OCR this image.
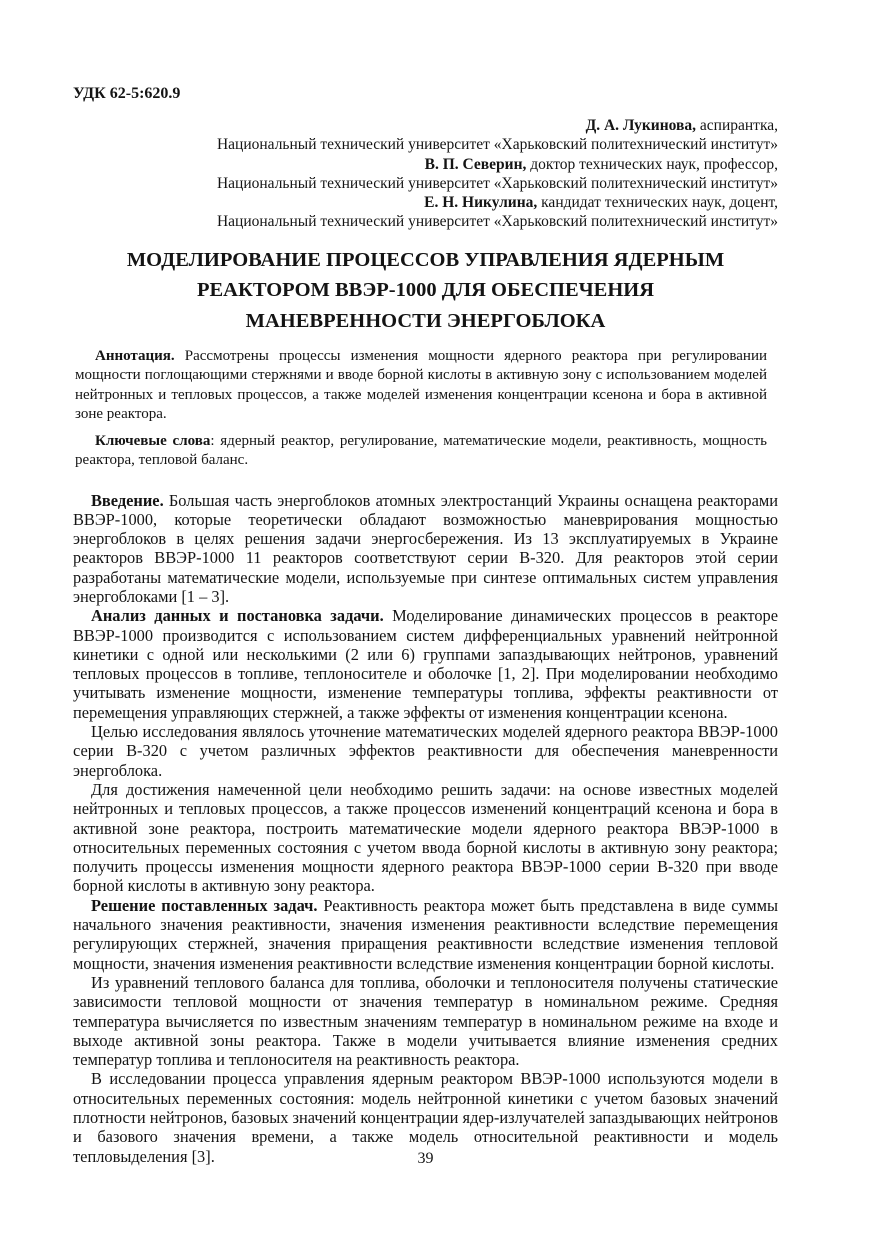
УДК 62-5:620.9
Д. А. Лукинова, аспирантка,
Национальный технический университет «Харьковский политехнический институт»
В. П. Северин, доктор технических наук, профессор,
Национальный технический университет «Харьковский политехнический институт»
Е. Н. Никулина, кандидат технических наук, доцент,
Национальный технический университет «Харьковский политехнический институт»
МОДЕЛИРОВАНИЕ ПРОЦЕССОВ УПРАВЛЕНИЯ ЯДЕРНЫМ
РЕАКТОРОМ ВВЭР-1000 ДЛЯ ОБЕСПЕЧЕНИЯ
МАНЕВРЕННОСТИ ЭНЕРГОБЛОКА

Аннотация. Рассмотрены процессы изменения мощности ядерного реактора при регулировании мощности поглощающими стержнями и вводе борной кислоты в активную зону с использованием моделей нейтронных и тепловых процессов, а также моделей изменения концентрации ксенона и бора в активной зоне реактора.

Ключевые слова: ядерный реактор, регулирование, математические модели, реактивность, мощность реактора, тепловой баланс.

Введение. Большая часть энергоблоков атомных электростанций Украины оснащена реакторами ВВЭР-1000, которые теоретически обладают возможностью маневрирования мощностью энергоблоков в целях решения задачи энергосбережения. Из 13 эксплуатируемых в Украине реакторов ВВЭР-1000 11 реакторов соответствуют серии В-320. Для реакторов этой серии разработаны математические модели, используемые при синтезе оптимальных систем управления энергоблоками [1 – 3].

Анализ данных и постановка задачи. Моделирование динамических процессов в реакторе ВВЭР-1000 производится с использованием систем дифференциальных уравнений нейтронной кинетики с одной или несколькими (2 или 6) группами запаздывающих нейтронов, уравнений тепловых процессов в топливе, теплоносителе и оболочке [1, 2]. При моделировании необходимо учитывать изменение мощности, изменение температуры топлива, эффекты реактивности от перемещения управляющих стержней, а также эффекты от изменения концентрации ксенона.

Целью исследования являлось уточнение математических моделей ядерного реактора ВВЭР-1000 серии В-320 с учетом различных эффектов реактивности для обеспечения маневренности энергоблока.

Для достижения намеченной цели необходимо решить задачи: на основе известных моделей нейтронных и тепловых процессов, а также процессов изменений концентраций ксенона и бора в активной зоне реактора, построить математические модели ядерного реактора ВВЭР-1000 в относительных переменных состояния с учетом ввода борной кислоты в активную зону реактора; получить процессы изменения мощности ядерного реактора ВВЭР-1000 серии В-320 при вводе борной кислоты в активную зону реактора.

Решение поставленных задач. Реактивность реактора может быть представлена в виде суммы начального значения реактивности, значения изменения реактивности вследствие перемещения регулирующих стержней, значения приращения реактивности вследствие изменения тепловой мощности, значения изменения реактивности вследствие изменения концентрации борной кислоты.

Из уравнений теплового баланса для топлива, оболочки и теплоносителя получены статические зависимости тепловой мощности от значения температур в номинальном режиме. Средняя температура вычисляется по известным значениям температур в номинальном режиме на входе и выходе активной зоны реактора. Также в модели учитывается влияние изменения средних температур топлива и теплоносителя на реактивность реактора.

В исследовании процесса управления ядерным реактором ВВЭР-1000 используются модели в относительных переменных состояния: модель нейтронной кинетики с учетом базовых значений плотности нейтронов, базовых значений концентрации ядер-излучателей запаздывающих нейтронов и базового значения времени, а также модель относительной реактивности и модель тепловыделения [3].	39
